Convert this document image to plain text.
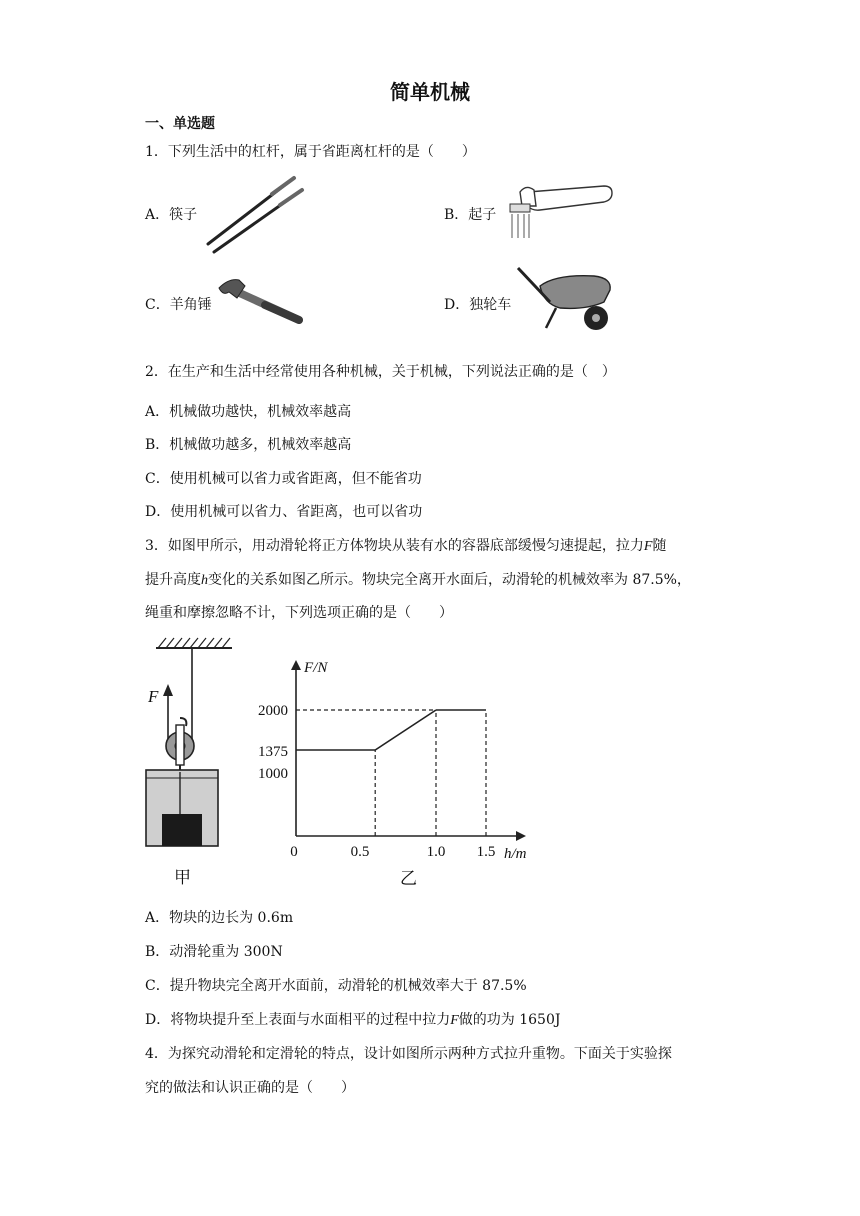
简单机械
一、单选题
1．下列生活中的杠杆，属于省距离杠杆的是（　　）
A．筷子	B．起子
C．羊角锤	D．独轮车
2．在生产和生活中经常使用各种机械，关于机械，下列说法正确的是（　）
A．机械做功越快，机械效率越高
B．机械做功越多，机械效率越高
C．使用机械可以省力或省距离，但不能省功
D．使用机械可以省力、省距离，也可以省功
3．如图甲所示，用动滑轮将正方体物块从装有水的容器底部缓慢匀速提起，拉力F随
提升高度h变化的关系如图乙所示。物块完全离开水面后，动滑轮的机械效率为 87.5%，
绳重和摩擦忽略不计，下列选项正确的是（　　）
F
甲
F/N
h/m
2000
1375
1000
0	0.5	1.0 1.5
乙
A．物块的边长为 0.6m
B．动滑轮重为 300N
C．提升物块完全离开水面前，动滑轮的机械效率大于 87.5%
D．将物块提升至上表面与水面相平的过程中拉力F做的功为 1650J
4．为探究动滑轮和定滑轮的特点，设计如图所示两种方式拉升重物。下面关于实验探
究的做法和认识正确的是（　　）
